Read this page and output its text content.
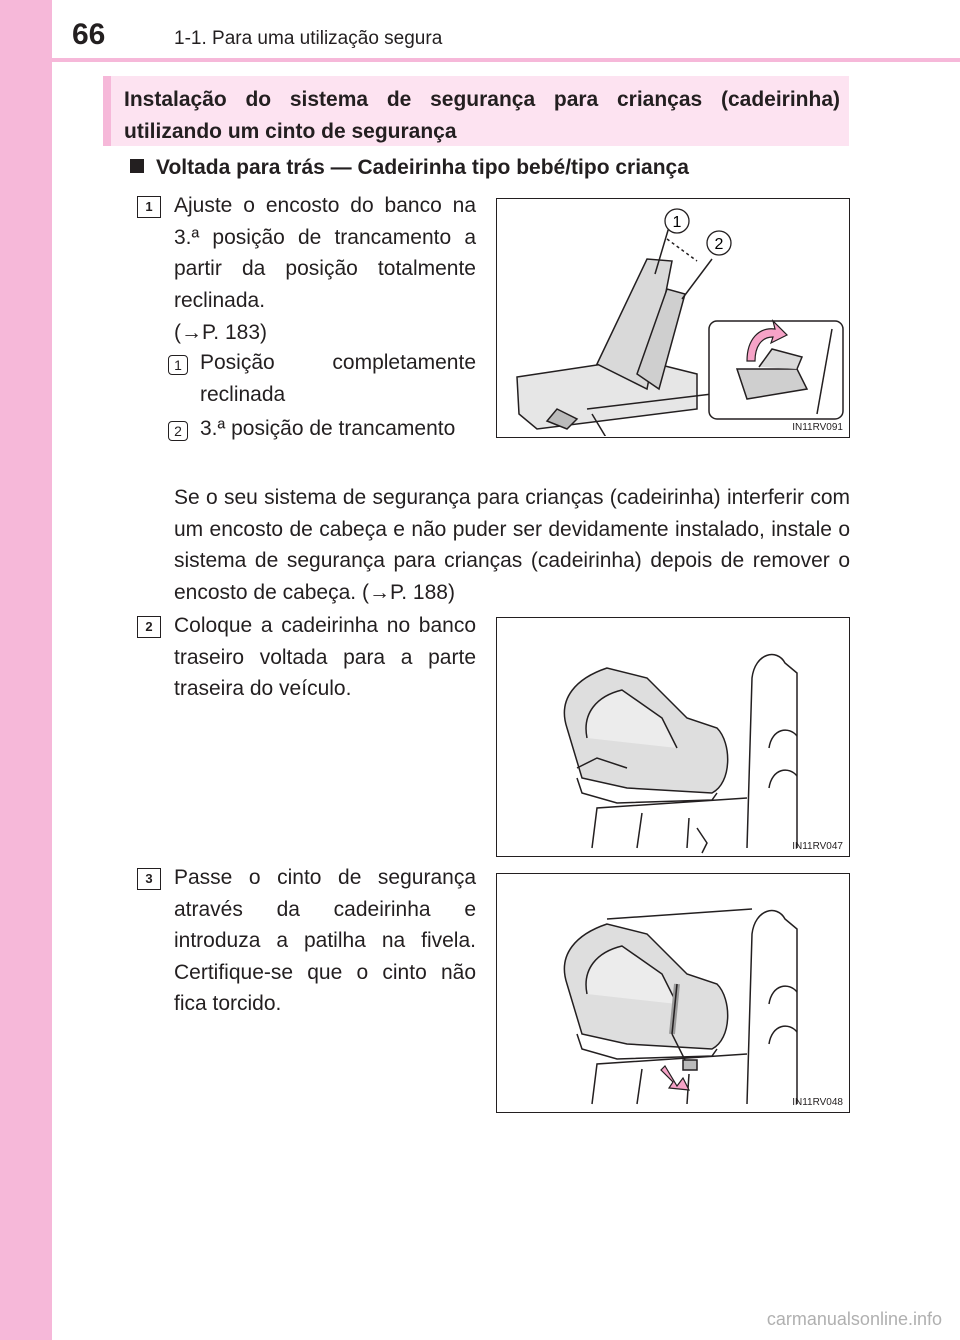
66	1-1. Para uma utilização segura
Instalação do sistema de segurança para crianças (cadeirinha) utilizando um cinto de segurança
Voltada para trás — Cadeirinha tipo bebé/tipo criança
1	Ajuste o encosto do banco na 3.ª posição de trancamento a partir da posição totalmente reclinada.
(→P. 183)
1 Posição completamente reclinada
2 3.ª posição de trancamento
1
2
IN11RV091
Se o seu sistema de segurança para crianças (cadeirinha) interferir com um encosto de cabeça e não puder ser devidamente instalado, instale o sistema de segurança para crianças (cadeirinha) depois de remover o encosto de cabeça. (→P. 188)
2	Coloque a cadeirinha no banco traseiro voltada para a parte traseira do veículo.
IN11RV047
3	Passe o cinto de segurança através da cadeirinha e introduza a patilha na fivela. Certifique-se que o cinto não fica torcido.
IN11RV048
carmanualsonline.info
